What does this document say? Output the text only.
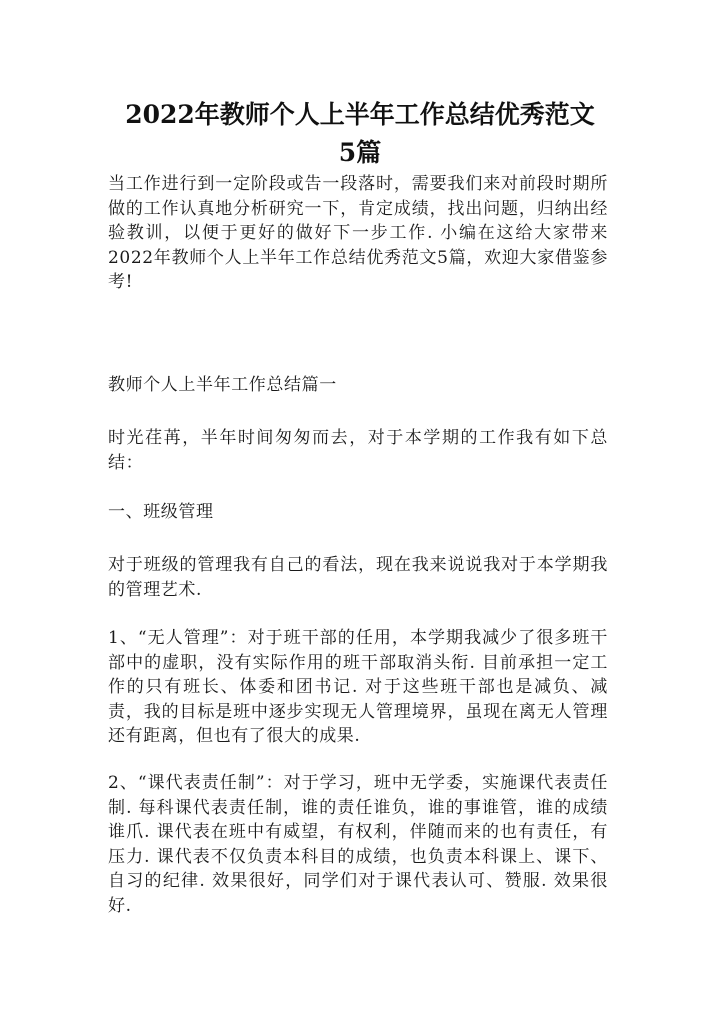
2022年教师个人上半年工作总结优秀范文
5篇

当工作进行到一定阶段或告一段落时，需要我们来对前段时期所做的工作认真地分析研究一下，肯定成绩，找出问题，归纳出经验教训，以便于更好的做好下一步工作. 小编在这给大家带来2022年教师个人上半年工作总结优秀范文5篇，欢迎大家借鉴参考!

教师个人上半年工作总结篇一

时光荏苒，半年时间匆匆而去，对于本学期的工作我有如下总结：

一、班级管理

对于班级的管理我有自己的看法，现在我来说说我对于本学期我的管理艺术.

1、“无人管理”：对于班干部的任用，本学期我减少了很多班干部中的虚职，没有实际作用的班干部取消头衔. 目前承担一定工作的只有班长、体委和团书记. 对于这些班干部也是减负、减责，我的目标是班中逐步实现无人管理境界，虽现在离无人管理还有距离，但也有了很大的成果.

2、“课代表责任制”：对于学习，班中无学委，实施课代表责任制. 每科课代表责任制，谁的责任谁负，谁的事谁管，谁的成绩谁爪. 课代表在班中有威望，有权利，伴随而来的也有责任，有压力. 课代表不仅负责本科目的成绩，也负责本科课上、课下、自习的纪律. 效果很好，同学们对于课代表认可、赞服. 效果很好.
